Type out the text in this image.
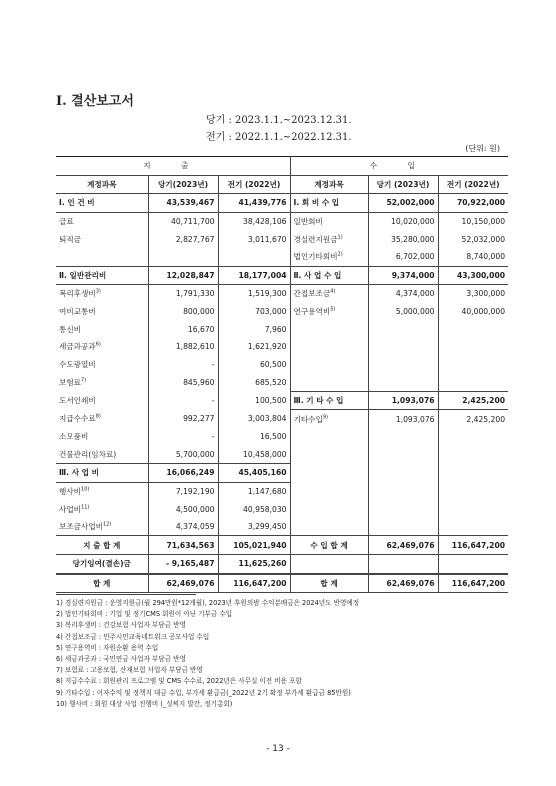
Ⅰ. 결산보고서
당기 : 2023.1.1.~2023.12.31.
전기 : 2022.1.1.~2022.12.31.
(단위: 원)
지 출			수 입		
계정과목	당기(2023년)	전기 (2022년)	계정과목	당기 (2023년)	전기 (2022년)
Ⅰ. 인 건 비	43,539,467	41,439,776	Ⅰ. 회 비 수 입	52,002,000	70,922,000
급료	40,711,700	38,428,106	일반회비	10,020,000	10,150,000
퇴직금	2,827,767	3,011,670	경실련지원금$^{1)}$	35,280,000	52,032,000
			법인기타회비$^{2)}$	6,702,000	8,740,000
Ⅱ. 일반관리비	12,028,847	18,177,004	Ⅱ. 사 업 수 입	9,374,000	43,300,000
복리후생비$^{3)}$	1,791,330	1,519,300	간접보조금$^{4)}$	4,374,000	3,300,000
여비교통비	800,000	703,000	연구용역비$^{5)}$	5,000,000	40,000,000
통신비	16,670	7,960			
세금과공과$^{6)}$	1,882,610	1,621,920			
수도광열비	-	60,500			
보험료$^{7)}$	845,960	685,520			
도서인쇄비	-	100,500	Ⅲ. 기 타 수 입	1,093,076	2,425,200
지급수수료$^{8)}$	992,277	3,003,804	기타수입$^{9)}$	1,093,076	2,425,200
소모품비	-	16,500			
건물관리(임차료)	5,700,000	10,458,000			
Ⅲ. 사 업 비	16,066,249	45,405,160			
행사비$^{10)}$	7,192,190	1,147,680			
사업비$^{11)}$	4,500,000	40,958,030			
보조금사업비$^{12)}$	4,374,059	3,299,450			
지 출 합 계	71,634,563	105,021,940	수 입 합 계	62,469,076	116,647,200
당기잉여(결손)금	- 9,165,487	11,625,260			
합 계	62,469,076	116,647,200	합 계	62,469,076	116,647,200
1) 경실련지원금 : 운영지원금(월 294만원*12개월), 2023년 후원의밤 수익분배금은 2024년도 반영예정
2) 법인기타회비 : 기업 및 정기CMS 회원이 아닌 기부금 수입
3) 복리후생비 : 건강보험 사업자 부담금 반영
4) 간접보조금 : 민주시민교육네트워크 공모사업 수입
5) 연구용역비 : 자원순환 용역 수입
6) 세금과공과 : 국민연금 사업자 부담금 반영
7) 보험료 : 고용보험, 산재보험 사업자 부담금 반영
8) 지급수수료 : 회원관리 프로그램 및 CMS 수수료, 2022년은 사무실 이전 비용 포함
9) 기타수입 : 이자수익 및 정책지 대금 수입, 부가세 환급금(_2022년 2기 확정 부가세 환급금 85만원)
10) 행사비 : 회원 대상 사업 진행비 (_성찌지 발간, 정기총회)
- 13 -
